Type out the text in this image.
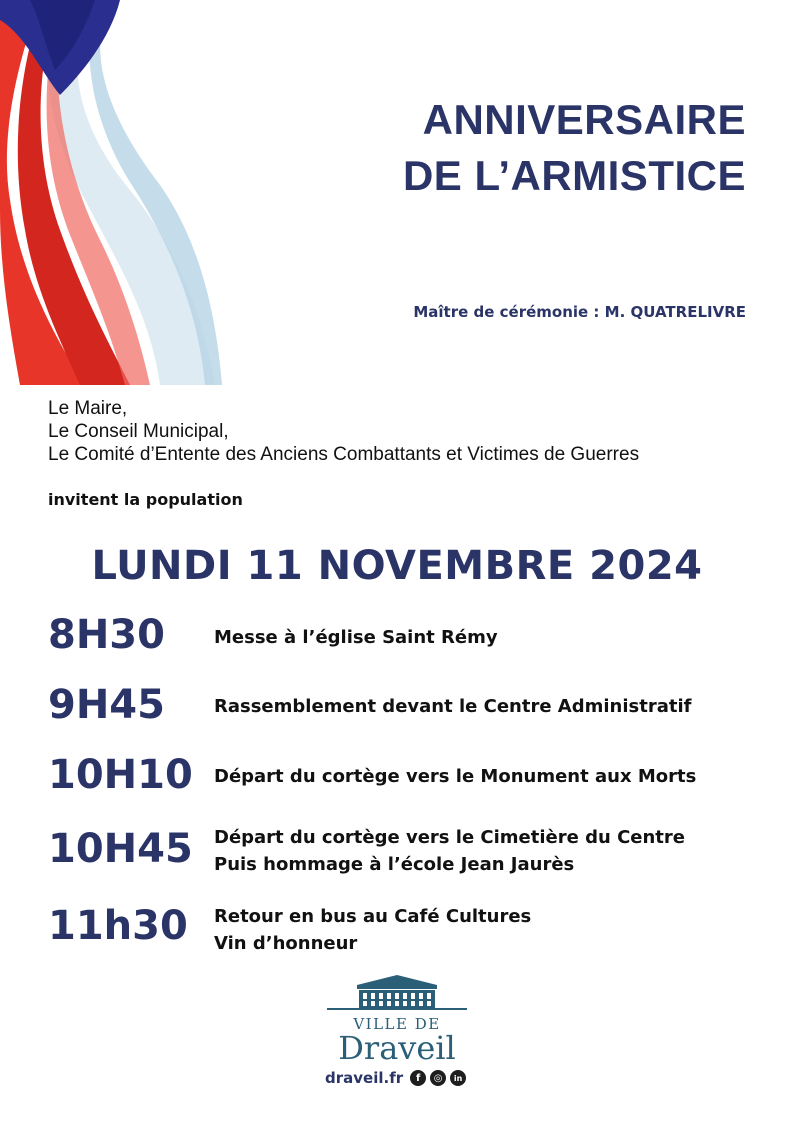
ANNIVERSAIRE
DE L’ARMISTICE
Maître de cérémonie : M. QUATRELIVRE
Le Maire,
Le Conseil Municipal,
Le Comité d’Entente des Anciens Combattants et Victimes de Guerres
invitent la population
LUNDI 11 NOVEMBRE 2024
8H30	Messe à l’église Saint Rémy
9H45	Rassemblement devant le Centre Administratif
10H10	Départ du cortège vers le Monument aux Morts
10H45	Départ du cortège vers le Cimetière du Centre
Puis hommage à l’école Jean Jaurès
11h30	Retour en bus au Café Cultures
Vin d’honneur
VILLE DE
Draveil
draveil.fr	f	◎	in
